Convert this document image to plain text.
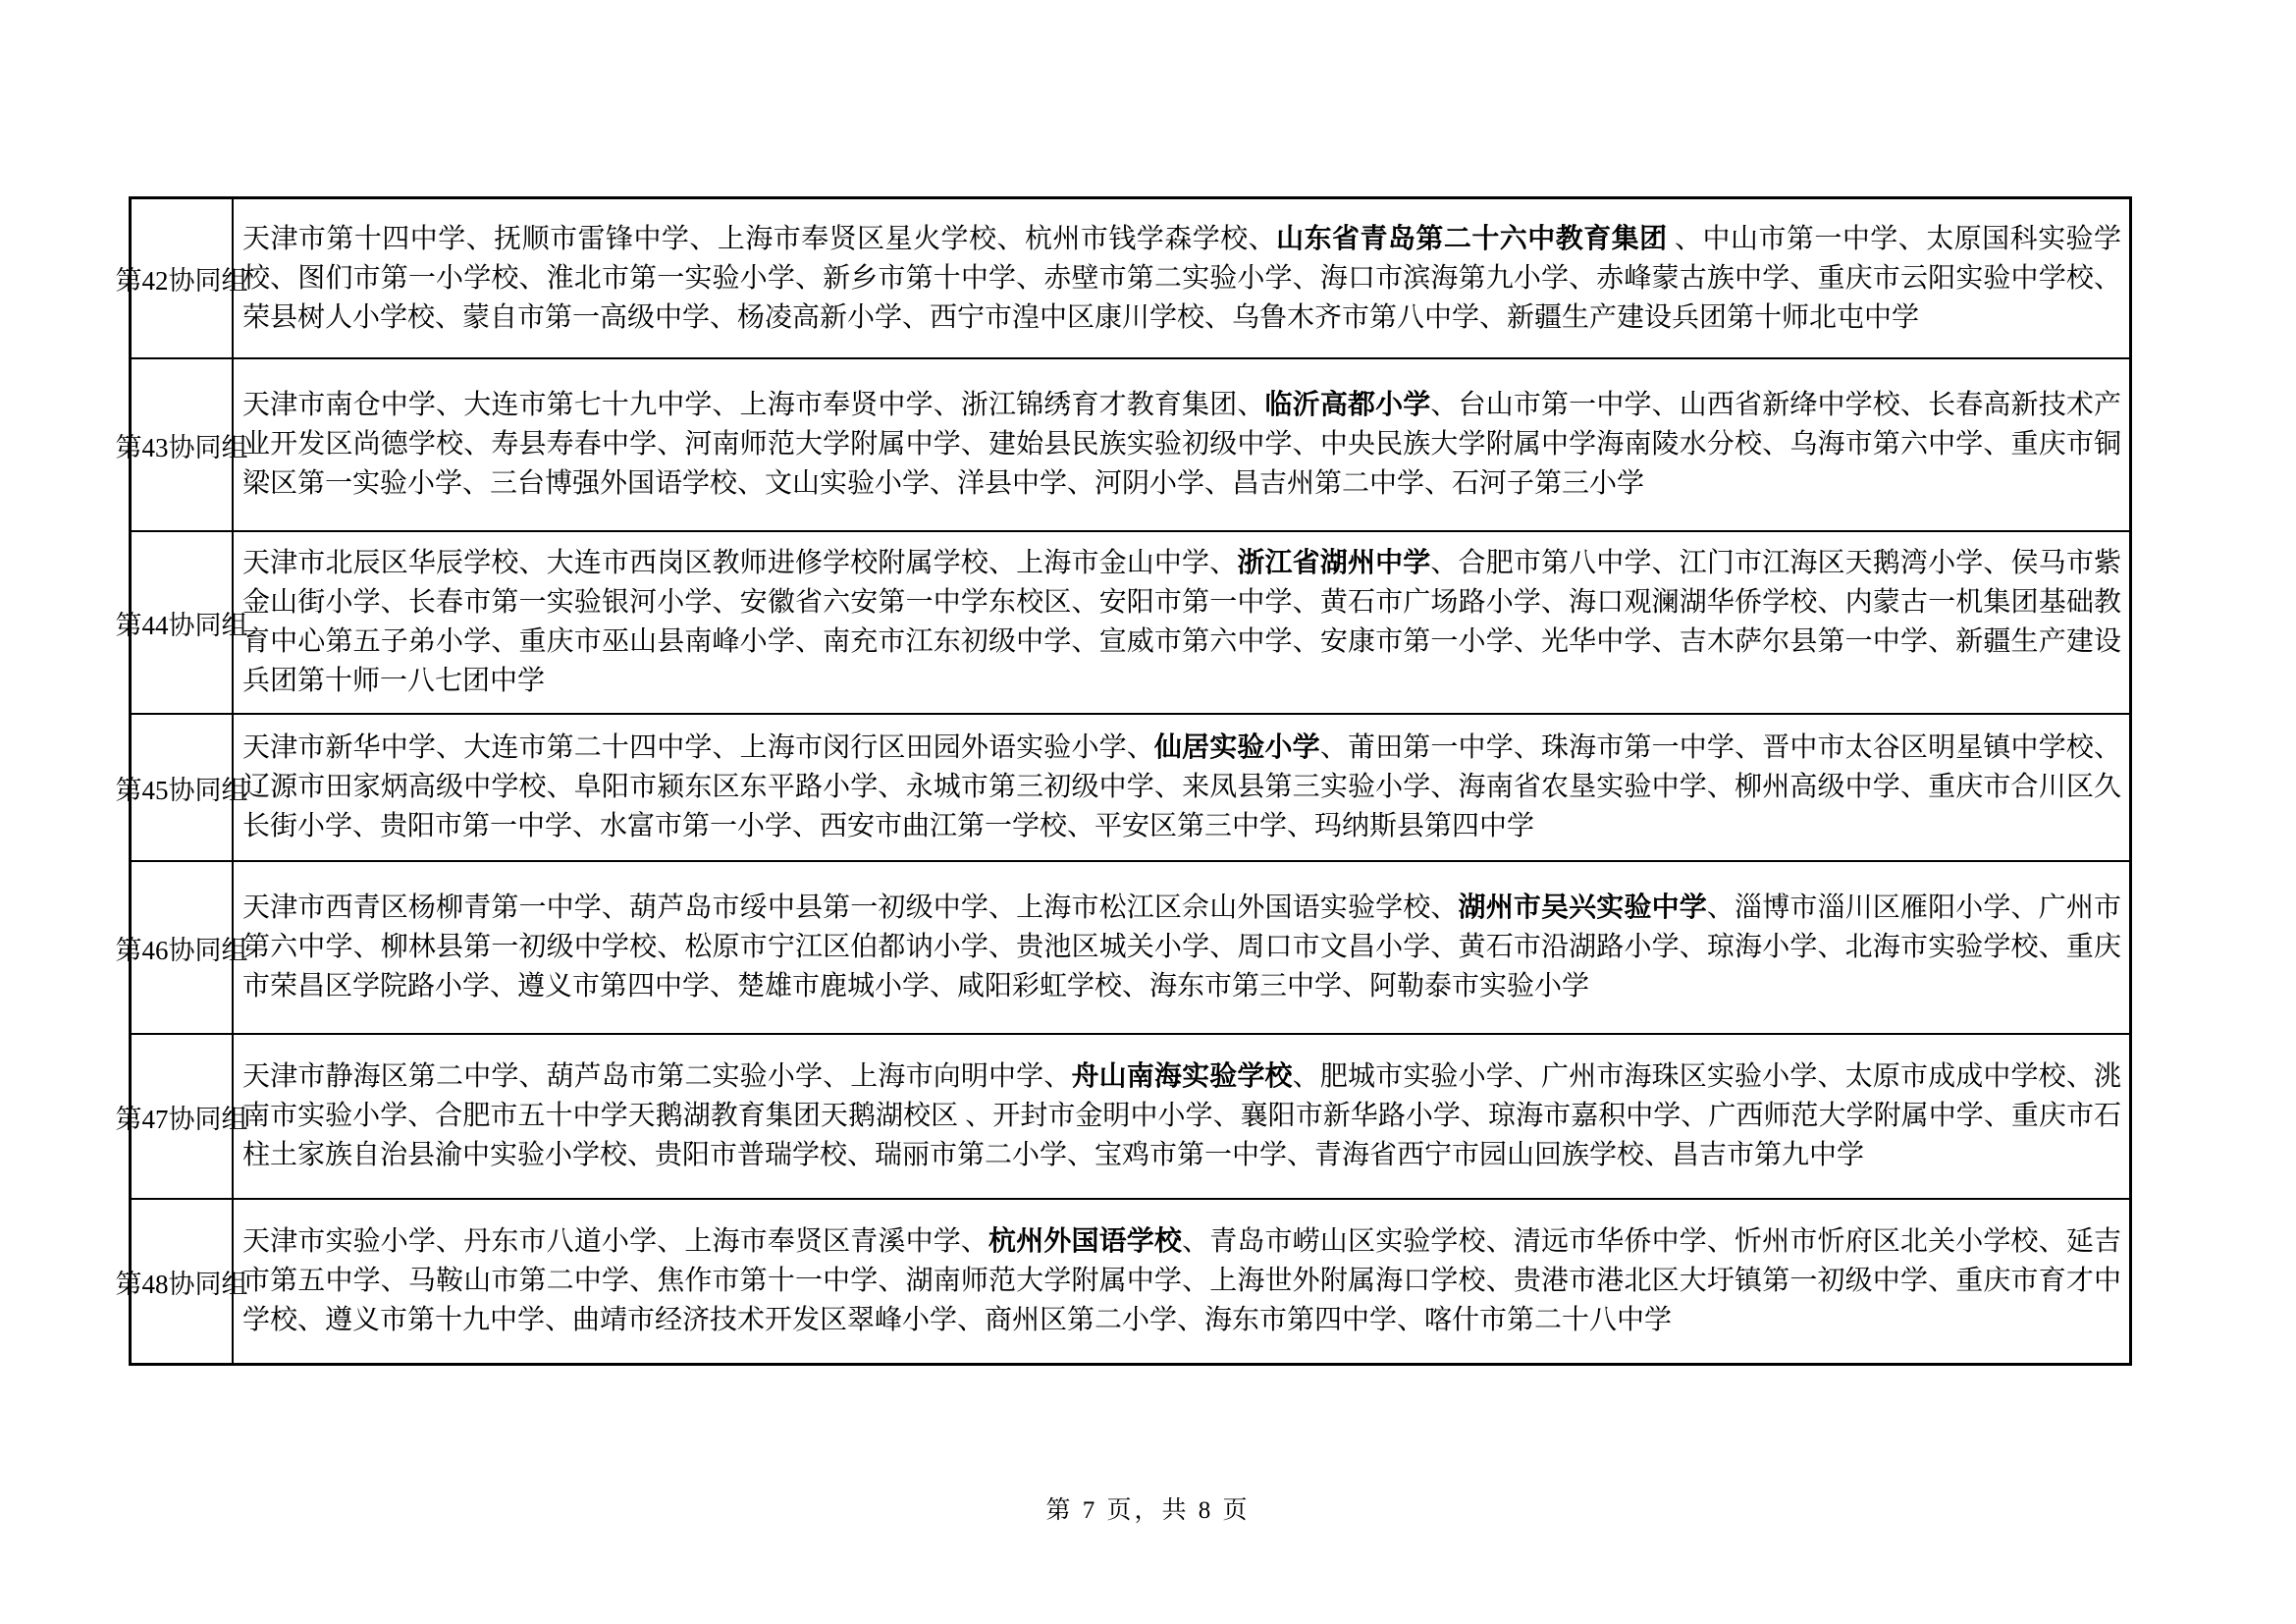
第42协同组

天津市第十四中学、抚顺市雷锋中学、上海市奉贤区星火学校、杭州市钱学森学校、山东省青岛第二十六中教育集团 、中山市第一中学、太原国科实验学校、图们市第一小学校、淮北市第一实验小学、新乡市第十中学、赤壁市第二实验小学、海口市滨海第九小学、赤峰蒙古族中学、重庆市云阳实验中学校、荣县树人小学校、蒙自市第一高级中学、杨凌高新小学、西宁市湟中区康川学校、乌鲁木齐市第八中学、新疆生产建设兵团第十师北屯中学

第43协同组

天津市南仓中学、大连市第七十九中学、上海市奉贤中学、浙江锦绣育才教育集团、临沂高都小学、台山市第一中学、山西省新绛中学校、长春高新技术产业开发区尚德学校、寿县寿春中学、河南师范大学附属中学、建始县民族实验初级中学、中央民族大学附属中学海南陵水分校、乌海市第六中学、重庆市铜梁区第一实验小学、三台博强外国语学校、文山实验小学、洋县中学、河阴小学、昌吉州第二中学、石河子第三小学

第44协同组

天津市北辰区华辰学校、大连市西岗区教师进修学校附属学校、上海市金山中学、浙江省湖州中学、合肥市第八中学、江门市江海区天鹅湾小学、侯马市紫金山街小学、长春市第一实验银河小学、安徽省六安第一中学东校区、安阳市第一中学、黄石市广场路小学、海口观澜湖华侨学校、内蒙古一机集团基础教育中心第五子弟小学、重庆市巫山县南峰小学、南充市江东初级中学、宣威市第六中学、安康市第一小学、光华中学、吉木萨尔县第一中学、新疆生产建设兵团第十师一八七团中学

第45协同组

天津市新华中学、大连市第二十四中学、上海市闵行区田园外语实验小学、仙居实验小学、莆田第一中学、珠海市第一中学、晋中市太谷区明星镇中学校、辽源市田家炳高级中学校、阜阳市颍东区东平路小学、永城市第三初级中学、来凤县第三实验小学、海南省农垦实验中学、柳州高级中学、重庆市合川区久长街小学、贵阳市第一中学、水富市第一小学、西安市曲江第一学校、平安区第三中学、玛纳斯县第四中学

第46协同组

天津市西青区杨柳青第一中学、葫芦岛市绥中县第一初级中学、上海市松江区佘山外国语实验学校、湖州市吴兴实验中学、淄博市淄川区雁阳小学、广州市第六中学、柳林县第一初级中学校、松原市宁江区伯都讷小学、贵池区城关小学、周口市文昌小学、黄石市沿湖路小学、琼海小学、北海市实验学校、重庆市荣昌区学院路小学、遵义市第四中学、楚雄市鹿城小学、咸阳彩虹学校、海东市第三中学、阿勒泰市实验小学

第47协同组

天津市静海区第二中学、葫芦岛市第二实验小学、上海市向明中学、舟山南海实验学校、肥城市实验小学、广州市海珠区实验小学、太原市成成中学校、洮南市实验小学、合肥市五十中学天鹅湖教育集团天鹅湖校区 、开封市金明中小学、襄阳市新华路小学、琼海市嘉积中学、广西师范大学附属中学、重庆市石柱土家族自治县渝中实验小学校、贵阳市普瑞学校、瑞丽市第二小学、宝鸡市第一中学、青海省西宁市园山回族学校、昌吉市第九中学

第48协同组

天津市实验小学、丹东市八道小学、上海市奉贤区青溪中学、杭州外国语学校、青岛市崂山区实验学校、清远市华侨中学、忻州市忻府区北关小学校、延吉市第五中学、马鞍山市第二中学、焦作市第十一中学、湖南师范大学附属中学、上海世外附属海口学校、贵港市港北区大圩镇第一初级中学、重庆市育才中学校、遵义市第十九中学、曲靖市经济技术开发区翠峰小学、商州区第二小学、海东市第四中学、喀什市第二十八中学

第 7 页，共 8 页
